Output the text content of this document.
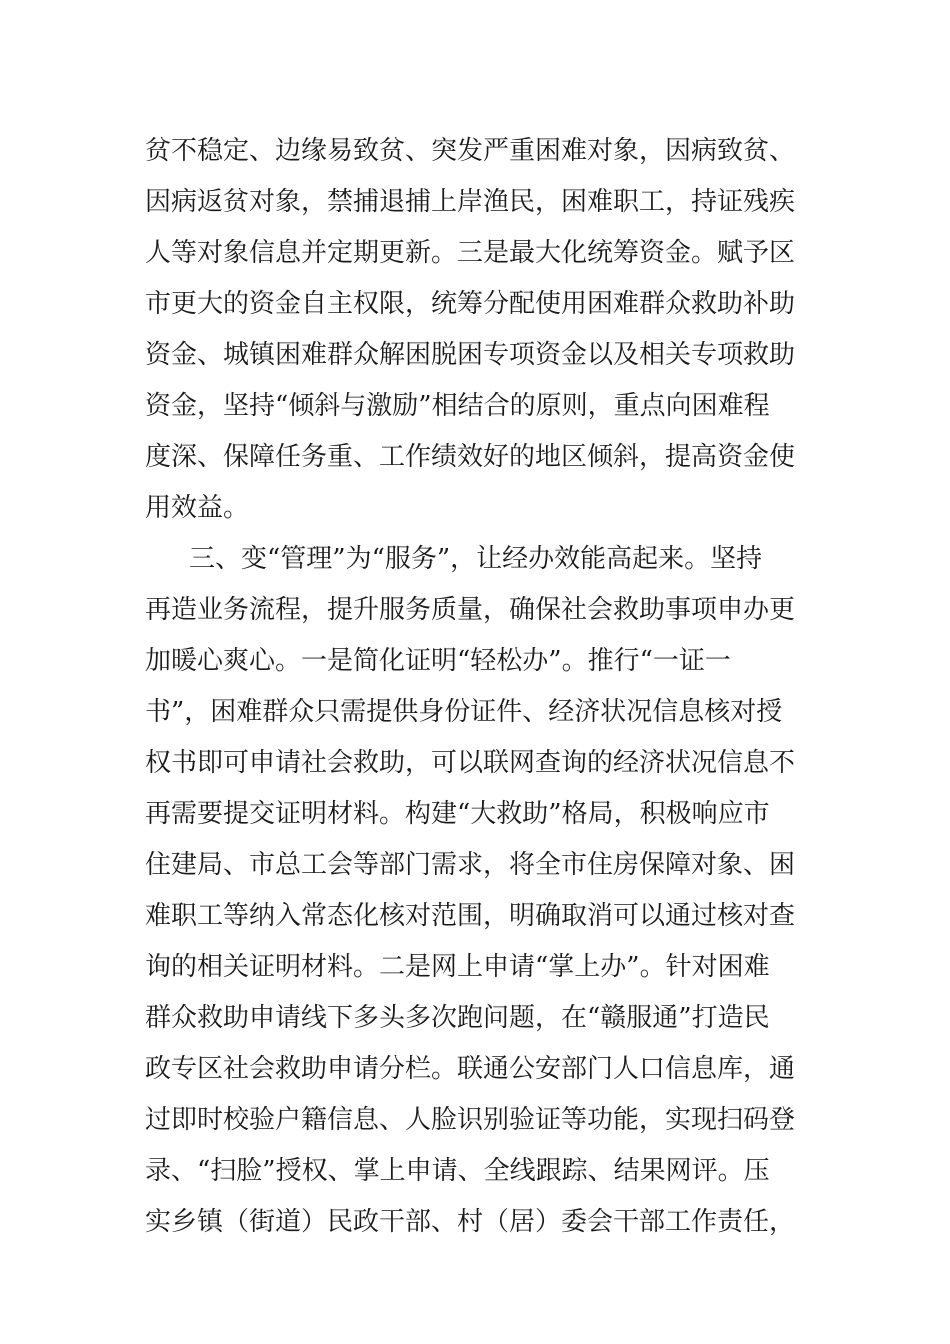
贫不稳定、边缘易致贫、突发严重困难对象，因病致贫、
因病返贫对象，禁捕退捕上岸渔民，困难职工，持证残疾
人等对象信息并定期更新。三是最大化统筹资金。赋予区
市更大的资金自主权限，统筹分配使用困难群众救助补助
资金、城镇困难群众解困脱困专项资金以及相关专项救助
资金，坚持“倾斜与激励”相结合的原则，重点向困难程
度深、保障任务重、工作绩效好的地区倾斜，提高资金使
用效益。
三、变“管理”为“服务”，让经办效能高起来。坚持
再造业务流程，提升服务质量，确保社会救助事项申办更
加暖心爽心。一是简化证明“轻松办”。推行“一证一
书”，困难群众只需提供身份证件、经济状况信息核对授
权书即可申请社会救助，可以联网查询的经济状况信息不
再需要提交证明材料。构建“大救助”格局，积极响应市
住建局、市总工会等部门需求，将全市住房保障对象、困
难职工等纳入常态化核对范围，明确取消可以通过核对查
询的相关证明材料。二是网上申请“掌上办”。针对困难
群众救助申请线下多头多次跑问题，在“赣服通”打造民
政专区社会救助申请分栏。联通公安部门人口信息库，通
过即时校验户籍信息、人脸识别验证等功能，实现扫码登
录、“扫脸”授权、掌上申请、全线跟踪、结果网评。压
实乡镇（街道）民政干部、村（居）委会干部工作责任，
